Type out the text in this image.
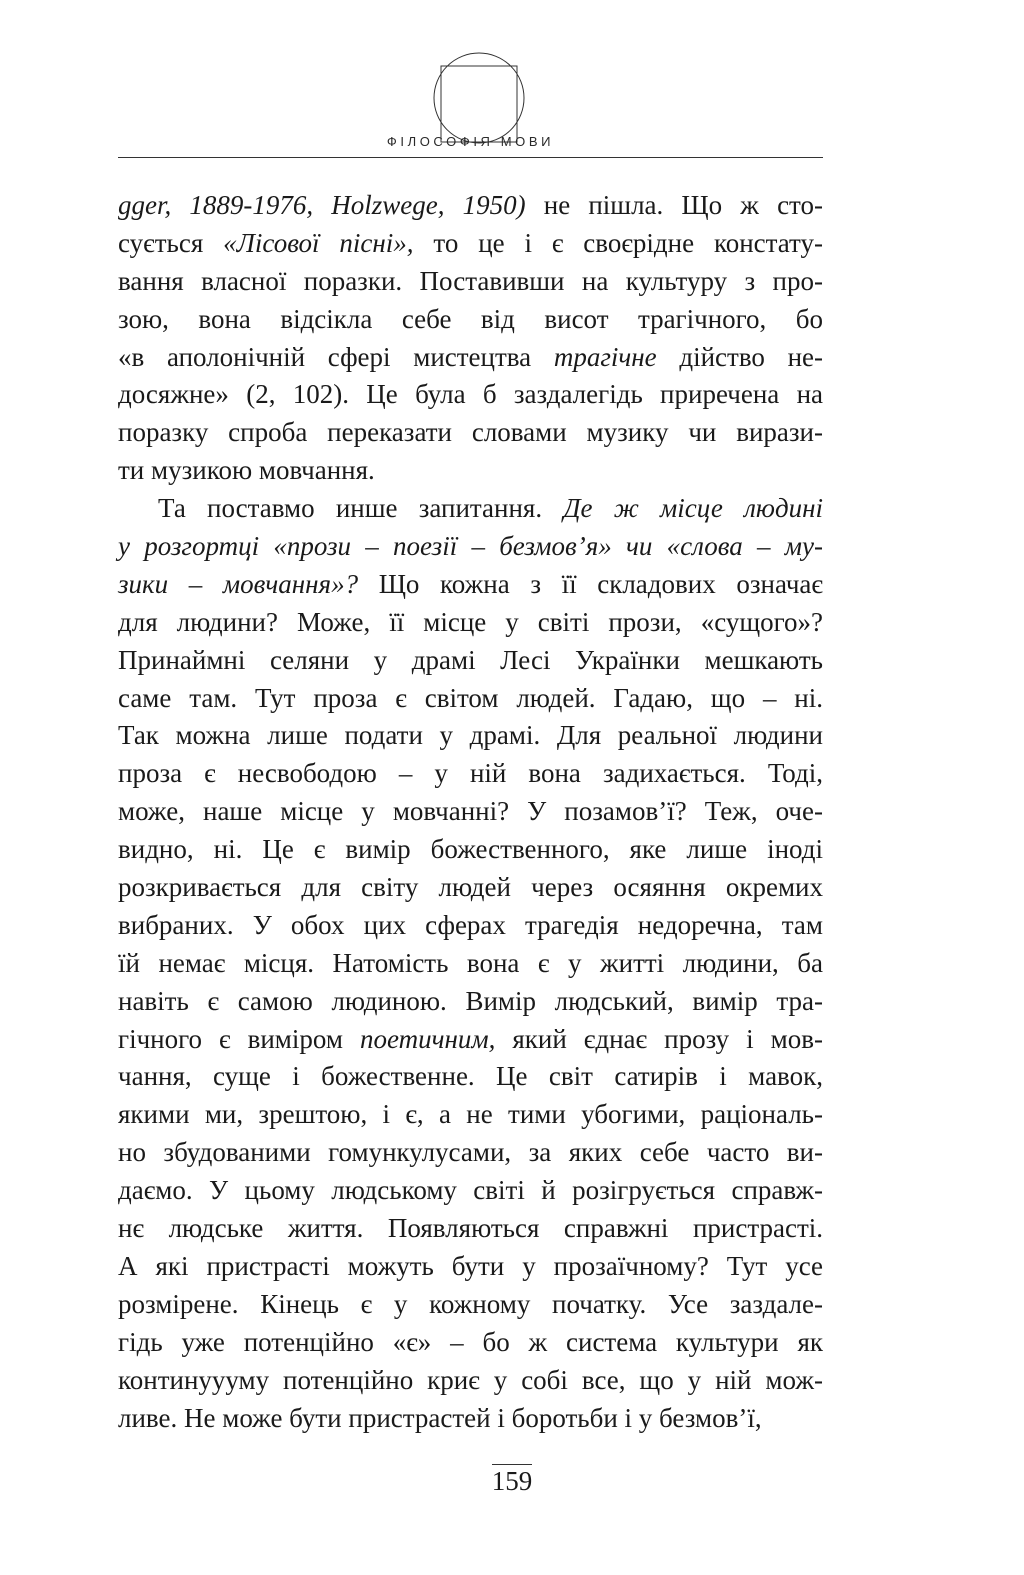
ФІЛОСОФІЯ МОВИ
gger, 1889-1976, Holzwege, 1950) не пішла. Що ж сто-
сується «Лісової пісні», то це і є своєрідне констату-
вання власної поразки. Поставивши на культуру з про-
зою, вона відсікла себе від висот трагічного, бо
«в аполонічній сфері мистецтва трагічне дійство не-
досяжне» (2, 102). Це була б заздалегідь приречена на
поразку спроба переказати словами музику чи вирази-
ти музикою мовчання.
Та поставмо инше запитання. Де ж місце людині
у розгортці «прози – поезії – безмов’я» чи «слова – му-
зики – мовчання»? Що кожна з її складових означає
для людини? Може, її місце у світі прози, «сущого»?
Принаймні селяни у драмі Лесі Українки мешкають
саме там. Тут проза є світом людей. Гадаю, що – ні.
Так можна лише подати у драмі. Для реальної людини
проза є несвободою – у ній вона задихається. Тоді,
може, наше місце у мовчанні? У позамов’ї? Теж, оче-
видно, ні. Це є вимір божественного, яке лише іноді
розкривається для світу людей через осяяння окремих
вибраних. У обох цих сферах трагедія недоречна, там
їй немає місця. Натомість вона є у житті людини, ба
навіть є самою людиною. Вимір людський, вимір тра-
гічного є виміром поетичним, який єднає прозу і мов-
чання, суще і божественне. Це світ сатирів і мавок,
якими ми, зрештою, і є, а не тими убогими, раціональ-
но збудованими гомункулусами, за яких себе часто ви-
даємо. У цьому людському світі й розігрується справж-
нє людське життя. Появляються справжні пристрасті.
А які пристрасті можуть бути у прозаїчному? Тут усе
розмірене. Кінець є у кожному початку. Усе заздале-
гідь уже потенційно «є» – бо ж система культури як
континуууму потенційно криє у собі все, що у ній мож-
ливе. Не може бути пристрастей і боротьби і у безмов’ї,
159
